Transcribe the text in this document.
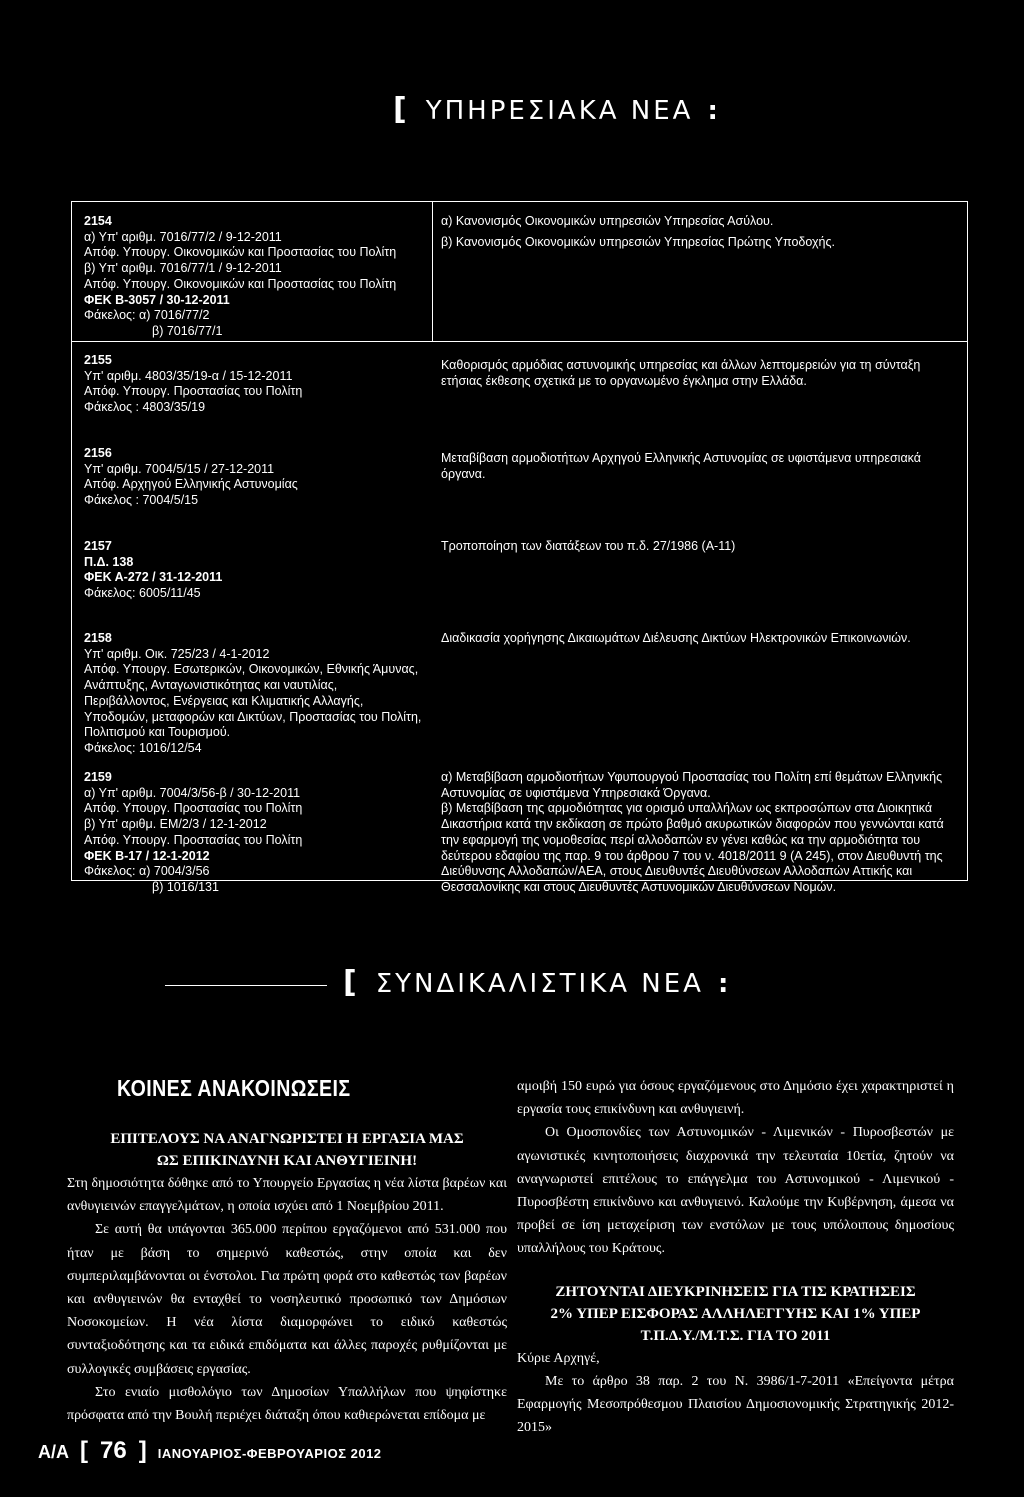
[ ΥΠΗΡΕΣΙΑΚΑ ΝΕΑ :
2154
α) Υπ' αριθμ. 7016/77/2 / 9-12-2011
Απόφ. Υπουργ. Οικονομικών και Προστασίας του Πολίτη
β) Υπ' αριθμ. 7016/77/1 / 9-12-2011
Απόφ. Υπουργ. Οικονομικών και Προστασίας του Πολίτη
ΦΕΚ Β-3057 / 30-12-2011
Φάκελος: α) 7016/77/2
β) 7016/77/1
α) Κανονισμός Οικονομικών υπηρεσιών Υπηρεσίας Ασύλου.
β) Κανονισμός Οικονομικών υπηρεσιών Υπηρεσίας Πρώτης Υποδοχής.
2155
Υπ' αριθμ. 4803/35/19-α / 15-12-2011
Απόφ. Υπουργ. Προστασίας του Πολίτη
Φάκελος : 4803/35/19
Καθορισμός αρμόδιας αστυνομικής υπηρεσίας και άλλων λεπτομερειών για τη σύνταξη ετήσιας έκθεσης σχετικά με το οργανωμένο έγκλημα στην Ελλάδα.
2156
Υπ' αριθμ. 7004/5/15 / 27-12-2011
Απόφ. Αρχηγού Ελληνικής Αστυνομίας
Φάκελος : 7004/5/15
Μεταβίβαση αρμοδιοτήτων Αρχηγού Ελληνικής Αστυνομίας σε υφιστάμενα υπηρεσιακά όργανα.
2157
Π.Δ. 138
ΦΕΚ Α-272 / 31-12-2011
Φάκελος: 6005/11/45
Τροποποίηση των διατάξεων του π.δ. 27/1986 (Α-11)
2158
Υπ' αριθμ. Οικ. 725/23 / 4-1-2012
Απόφ. Υπουργ. Εσωτερικών, Οικονομικών, Εθνικής Άμυνας, Ανάπτυξης, Ανταγωνιστικότητας και ναυτιλίας, Περιβάλλοντος, Ενέργειας και Κλιματικής Αλλαγής, Υποδομών, μεταφορών και Δικτύων, Προστασίας του Πολίτη, Πολιτισμού και Τουρισμού.
Φάκελος: 1016/12/54
Διαδικασία χορήγησης Δικαιωμάτων Διέλευσης Δικτύων Ηλεκτρονικών Επικοινωνιών.
2159
α) Υπ' αριθμ. 7004/3/56-β / 30-12-2011
Απόφ. Υπουργ. Προστασίας του Πολίτη
β) Υπ' αριθμ. ΕΜ/2/3 / 12-1-2012
Απόφ. Υπουργ. Προστασίας του Πολίτη
ΦΕΚ Β-17 / 12-1-2012
Φάκελος: α) 7004/3/56
β) 1016/131
α) Μεταβίβαση αρμοδιοτήτων Υφυπουργού Προστασίας του Πολίτη επί θεμάτων Ελληνικής Αστυνομίας σε υφιστάμενα Υπηρεσιακά Όργανα.
β) Μεταβίβαση της αρμοδιότητας για ορισμό υπαλλήλων ως εκπροσώπων στα Διοικητικά Δικαστήρια κατά την εκδίκαση σε πρώτο βαθμό ακυρωτικών διαφορών που γεννώνται κατά την εφαρμογή της νομοθεσίας περί αλλοδαπών εν γένει καθώς κα την αρμοδιότητα του δεύτερου εδαφίου της παρ. 9 του άρθρου 7 του ν. 4018/2011 9 (Α 245), στον Διευθυντή της Διεύθυνσης Αλλοδαπών/ΑΕΑ, στους Διευθυντές Διευθύνσεων Αλλοδαπών Αττικής και Θεσσαλονίκης και στους Διευθυντές Αστυνομικών Διευθύνσεων Νομών.
[ ΣΥΝΔΙΚΑΛΙΣΤΙΚΑ ΝΕΑ :
ΚΟΙΝΕΣ ΑΝΑΚΟΙΝΩΣΕΙΣ
ΕΠΙΤΕΛΟΥΣ ΝΑ ΑΝΑΓΝΩΡΙΣΤΕΙ Η ΕΡΓΑΣΙΑ ΜΑΣ
ΩΣ ΕΠΙΚΙΝΔΥΝΗ ΚΑΙ ΑΝΘΥΓΙΕΙΝΗ!

Στη δημοσιότητα δόθηκε από το Υπουργείο Εργασίας η νέα λίστα βαρέων και ανθυγιεινών επαγγελμάτων, η οποία ισχύει από 1 Νοεμβρίου 2011.

Σε αυτή θα υπάγονται 365.000 περίπου εργαζόμενοι από 531.000 που ήταν με βάση το σημερινό καθεστώς, στην οποία και δεν συμπεριλαμβάνονται οι ένστολοι. Για πρώτη φορά στο καθεστώς των βαρέων και ανθυγιεινών θα ενταχθεί το νοσηλευτικό προσωπικό των Δημόσιων Νοσοκομείων. Η νέα λίστα διαμορφώνει το ειδικό καθεστώς συνταξιοδότησης και τα ειδικά επιδόματα και άλλες παροχές ρυθμίζονται με συλλογικές συμβάσεις εργασίας.

Στο ενιαίο μισθολόγιο των Δημοσίων Υπαλλήλων που ψηφίστηκε πρόσφατα από την Βουλή περιέχει διάταξη όπου καθιερώνεται επίδομα με

αμοιβή 150 ευρώ για όσους εργαζόμενους στο Δημόσιο έχει χαρακτηριστεί η εργασία τους επικίνδυνη και ανθυγιεινή.

Οι Ομοσπονδίες των Αστυνομικών - Λιμενικών - Πυροσβεστών με αγωνιστικές κινητοποιήσεις διαχρονικά την τελευταία 10ετία, ζητούν να αναγνωριστεί επιτέλους το επάγγελμα του Αστυνομικού - Λιμενικού - Πυροσβέστη επικίνδυνο και ανθυγιεινό. Καλούμε την Κυβέρνηση, άμεσα να προβεί σε ίση μεταχείριση των ενστόλων με τους υπόλοιπους δημοσίους υπαλλήλους του Κράτους.

ΖΗΤΟΥΝΤΑΙ ΔΙΕΥΚΡΙΝΗΣΕΙΣ ΓΙΑ ΤΙΣ ΚΡΑΤΗΣΕΙΣ
2% ΥΠΕΡ ΕΙΣΦΟΡΑΣ ΑΛΛΗΛΕΓΓΥΗΣ ΚΑΙ 1% ΥΠΕΡ
Τ.Π.Δ.Υ./Μ.Τ.Σ. ΓΙΑ ΤΟ 2011

Κύριε Αρχηγέ,

Με το άρθρο 38 παρ. 2 του Ν. 3986/1-7-2011 «Επείγοντα μέτρα Εφαρμογής Μεσοπρόθεσμου Πλαισίου Δημοσιονομικής Στρατηγικής 2012-2015»

Α/Α [ 76 ] ΙΑΝΟΥΑΡΙΟΣ-ΦΕΒΡΟΥΑΡΙΟΣ 2012
